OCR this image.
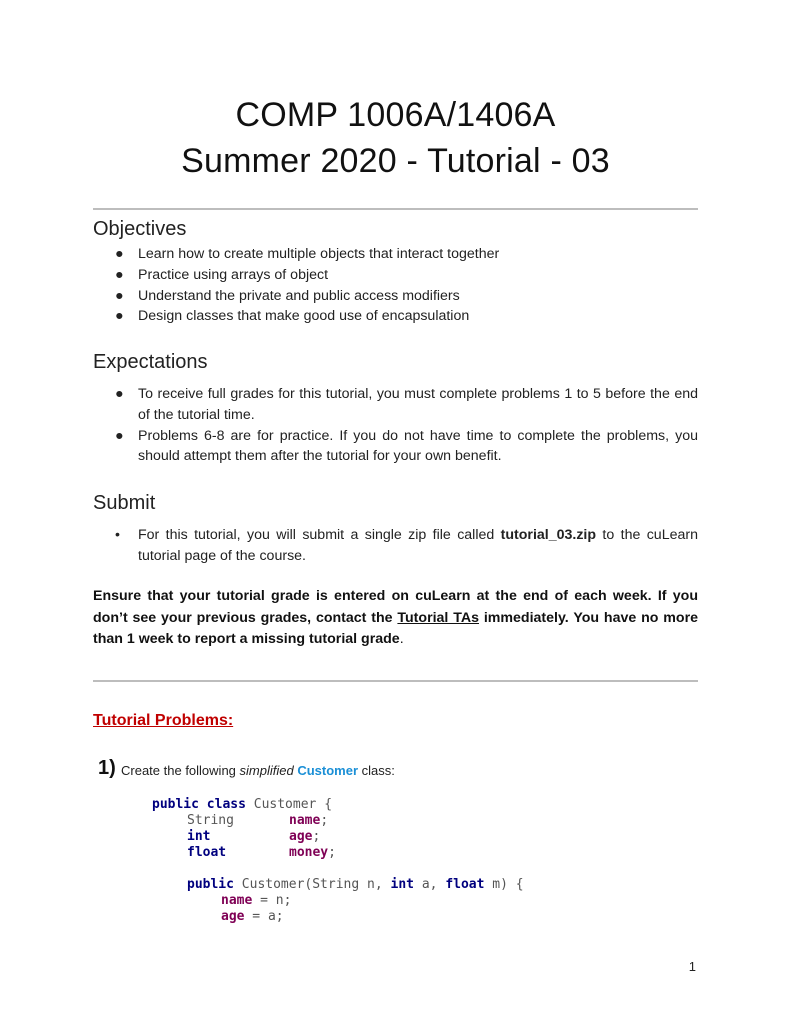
COMP 1006A/1406A
Summer 2020 - Tutorial - 03
Objectives
● Learn how to create multiple objects that interact together
● Practice using arrays of object
● Understand the private and public access modifiers
● Design classes that make good use of encapsulation
Expectations
● To receive full grades for this tutorial, you must complete problems 1 to 5 before the end of the tutorial time.
● Problems 6-8 are for practice. If you do not have time to complete the problems, you should attempt them after the tutorial for your own benefit.
Submit
• For this tutorial, you will submit a single zip file called tutorial_03.zip to the cuLearn tutorial page of the course.
Ensure that your tutorial grade is entered on cuLearn at the end of each week. If you don’t see your previous grades, contact the Tutorial TAs immediately. You have no more than 1 week to report a missing tutorial grade.
Tutorial Problems:
1) Create the following simplified Customer class:
public class Customer {
String	name;
int	age;
float	money;
public Customer(String n, int a, float m) {
name = n;
age = a;
1
